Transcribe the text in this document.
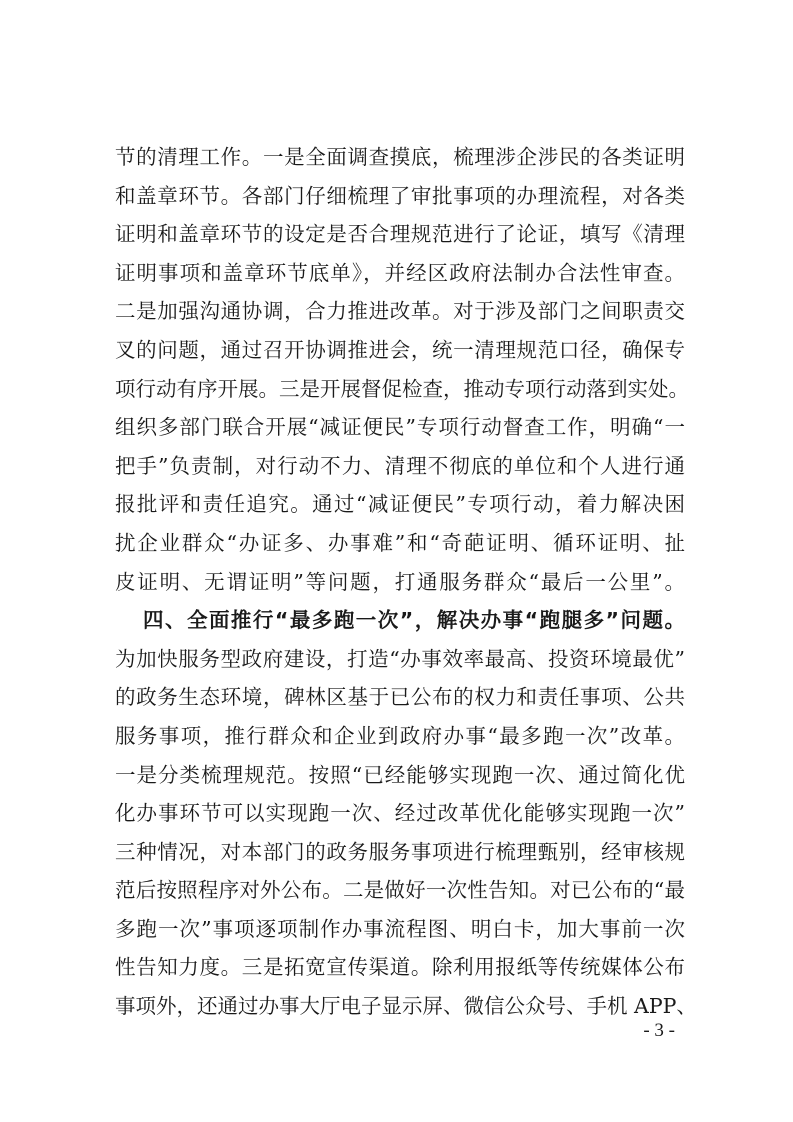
节的清理工作。一是全面调查摸底，梳理涉企涉民的各类证明
和盖章环节。各部门仔细梳理了审批事项的办理流程，对各类
证明和盖章环节的设定是否合理规范进行了论证，填写《清理
证明事项和盖章环节底单》，并经区政府法制办合法性审查。
二是加强沟通协调，合力推进改革。对于涉及部门之间职责交
叉的问题，通过召开协调推进会，统一清理规范口径，确保专
项行动有序开展。三是开展督促检查，推动专项行动落到实处。
组织多部门联合开展“减证便民”专项行动督查工作，明确“一
把手”负责制，对行动不力、清理不彻底的单位和个人进行通
报批评和责任追究。通过“减证便民”专项行动，着力解决困
扰企业群众“办证多、办事难”和“奇葩证明、循环证明、扯
皮证明、无谓证明”等问题，打通服务群众“最后一公里”。
四、全面推行“最多跑一次”，解决办事“跑腿多”问题。
为加快服务型政府建设，打造“办事效率最高、投资环境最优”
的政务生态环境，碑林区基于已公布的权力和责任事项、公共
服务事项，推行群众和企业到政府办事“最多跑一次”改革。
一是分类梳理规范。按照“已经能够实现跑一次、通过简化优
化办事环节可以实现跑一次、经过改革优化能够实现跑一次”
三种情况，对本部门的政务服务事项进行梳理甄别，经审核规
范后按照程序对外公布。二是做好一次性告知。对已公布的“最
多跑一次”事项逐项制作办事流程图、明白卡，加大事前一次
性告知力度。三是拓宽宣传渠道。除利用报纸等传统媒体公布
事项外，还通过办事大厅电子显示屏、微信公众号、手机 APP、
- 3 -
